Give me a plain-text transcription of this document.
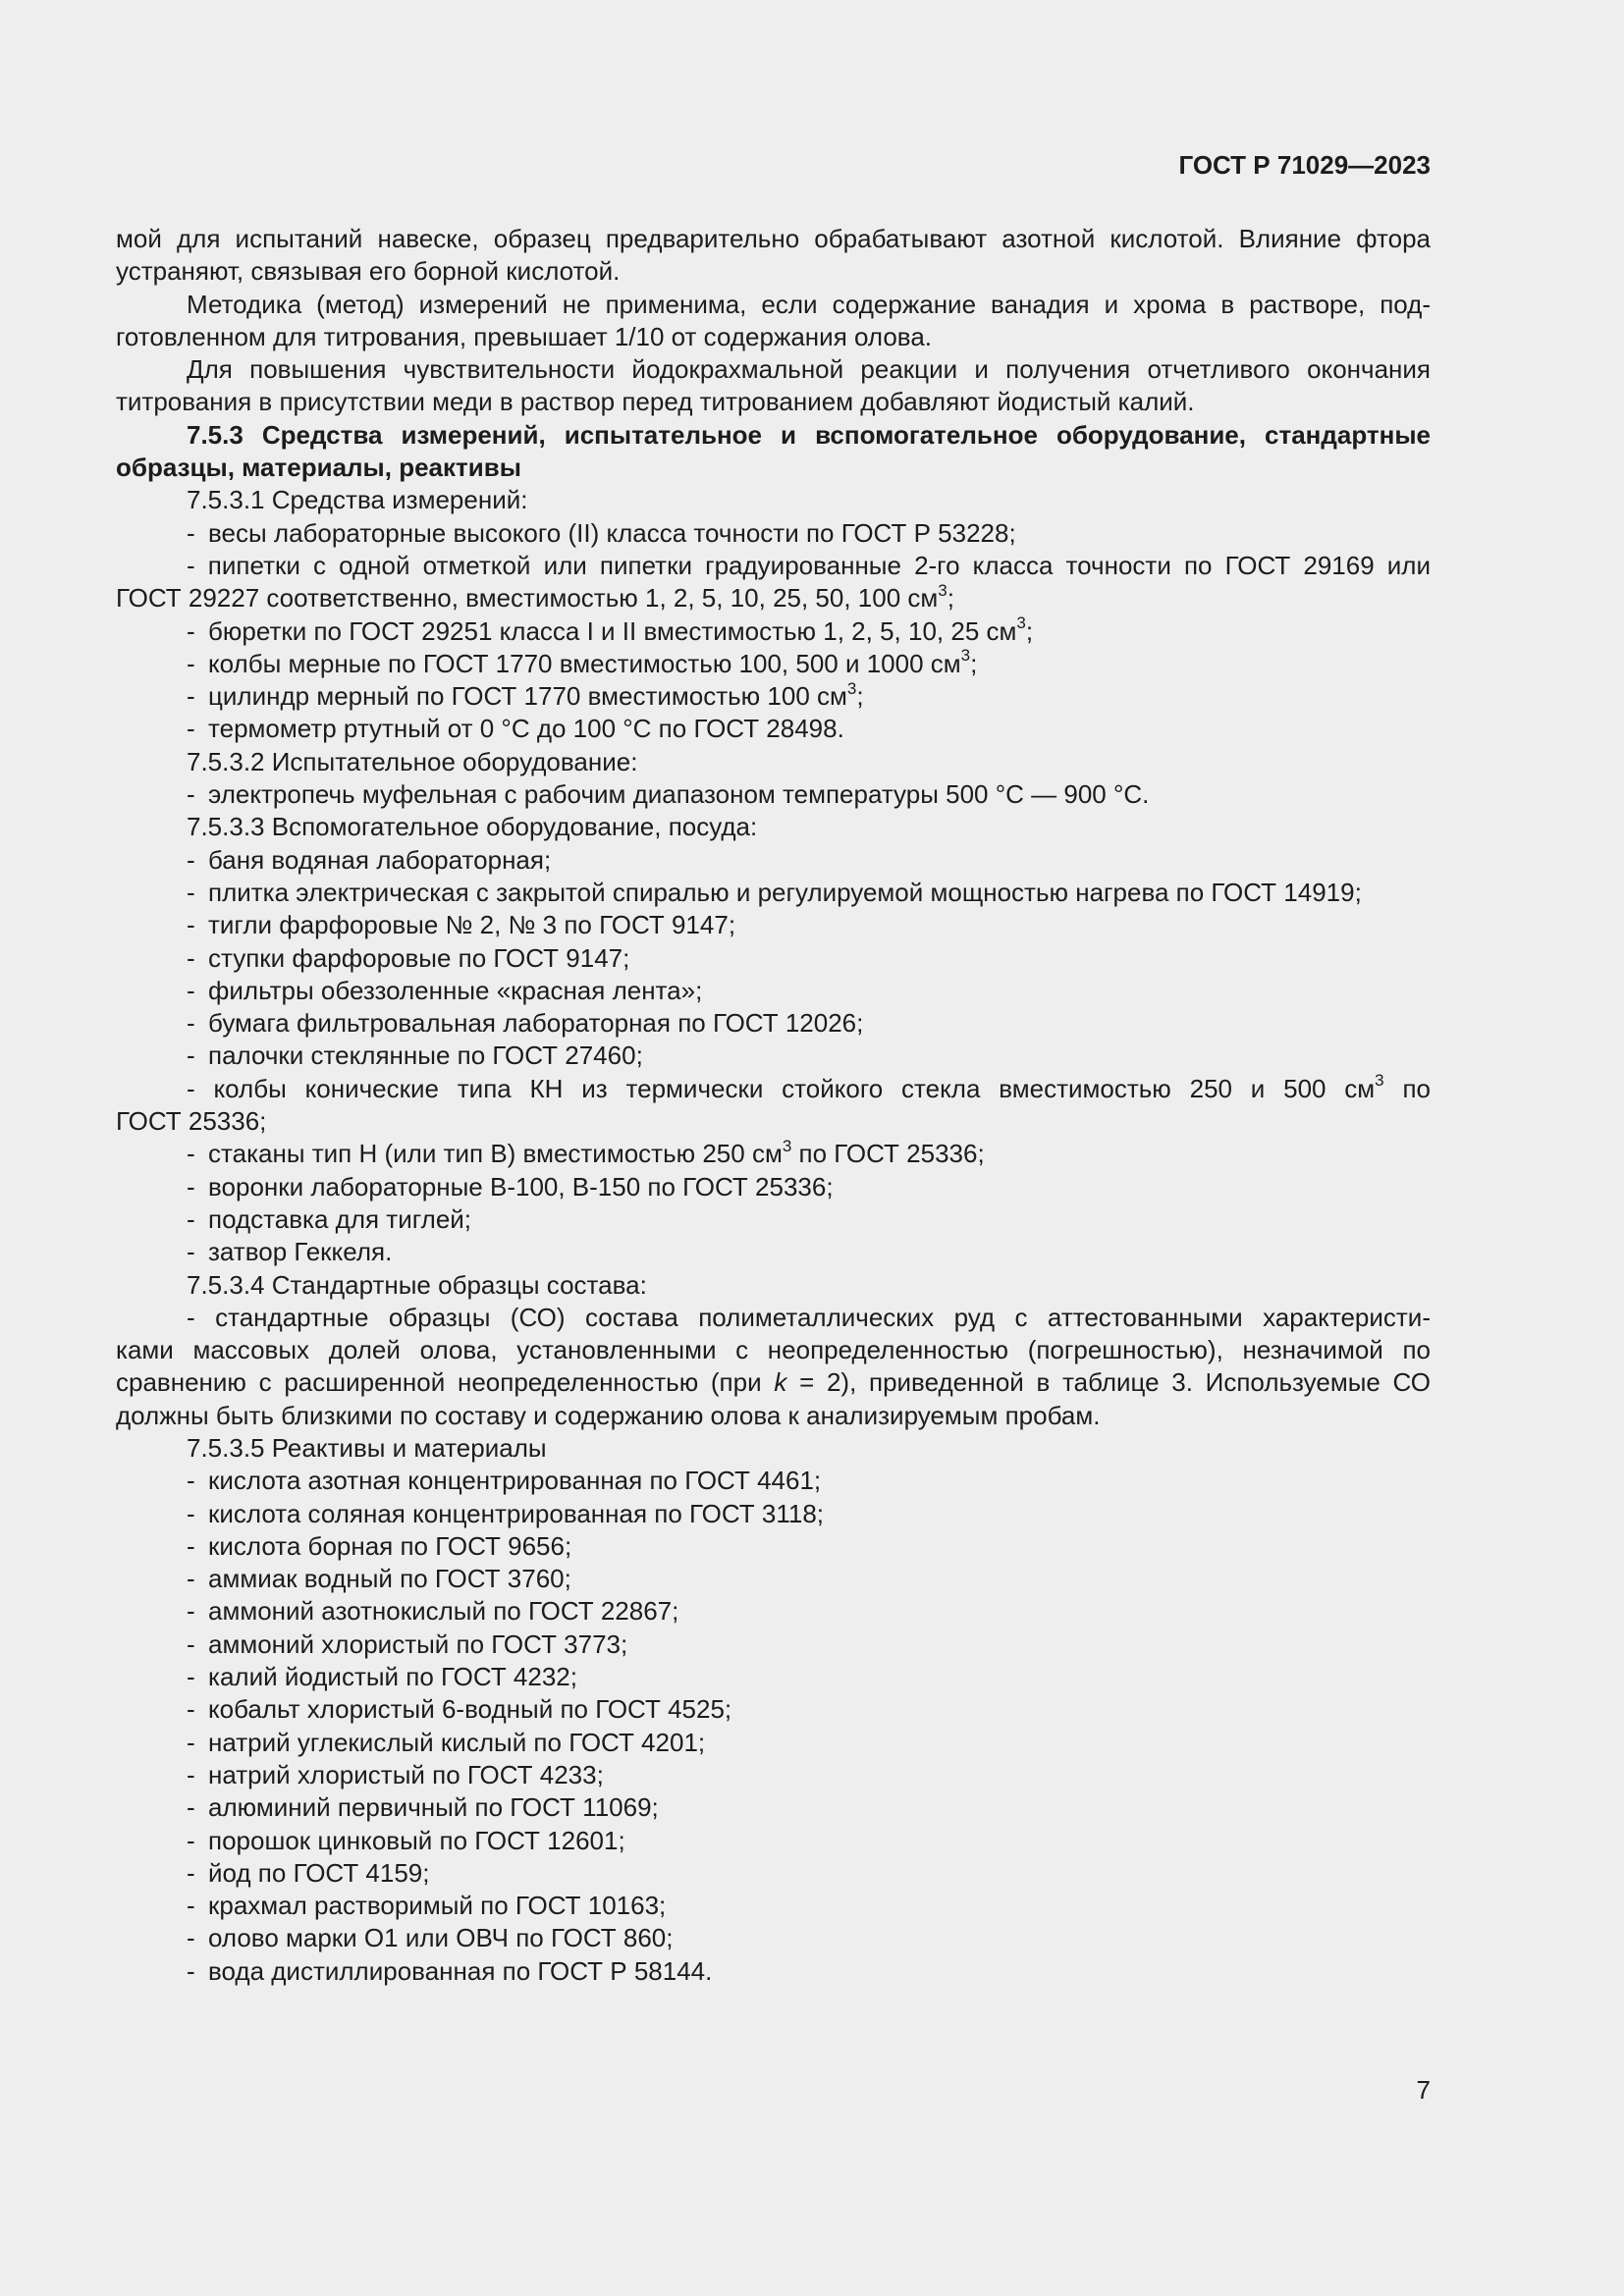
ГОСТ Р 71029—2023
мой для испытаний навеске, образец предварительно обрабатывают азотной кислотой. Влияние фтора
устраняют, связывая его борной кислотой.
Методика (метод) измерений не применима, если содержание ванадия и хрома в растворе, под-
готовленном для титрования, превышает 1/10 от содержания олова.
Для повышения чувствительности йодокрахмальной реакции и получения отчетливого окончания
титрования в присутствии меди в раствор перед титрованием добавляют йодистый калий.
7.5.3 Средства измерений, испытательное и вспомогательное оборудование, стандартные
образцы, материалы, реактивы
7.5.3.1 Средства измерений:
- весы лабораторные высокого (II) класса точности по ГОСТ Р 53228;
- пипетки с одной отметкой или пипетки градуированные 2-го класса точности по ГОСТ 29169 или
ГОСТ 29227 соответственно, вместимостью 1, 2, 5, 10, 25, 50, 100 $см^3$;
- бюретки по ГОСТ 29251 класса I и II вместимостью 1, 2, 5, 10, 25 $см^3$;
- колбы мерные по ГОСТ 1770 вместимостью 100, 500 и 1000 $см^3$;
- цилиндр мерный по ГОСТ 1770 вместимостью 100 $см^3$;
- термометр ртутный от 0 °С до 100 °С по ГОСТ 28498.
7.5.3.2 Испытательное оборудование:
- электропечь муфельная с рабочим диапазоном температуры 500 °С — 900 °С.
7.5.3.3 Вспомогательное оборудование, посуда:
- баня водяная лабораторная;
- плитка электрическая с закрытой спиралью и регулируемой мощностью нагрева по ГОСТ 14919;
- тигли фарфоровые № 2, № 3 по ГОСТ 9147;
- ступки фарфоровые по ГОСТ 9147;
- фильтры обеззоленные «красная лента»;
- бумага фильтровальная лабораторная по ГОСТ 12026;
- палочки стеклянные по ГОСТ 27460;
- колбы конические типа КН из термически стойкого стекла вместимостью 250 и 500 $см^3$ по
ГОСТ 25336;
- стаканы тип Н (или тип В) вместимостью 250 $см^3$ по ГОСТ 25336;
- воронки лабораторные В-100, В-150 по ГОСТ 25336;
- подставка для тиглей;
- затвор Геккеля.
7.5.3.4 Стандартные образцы состава:
- стандартные образцы (СО) состава полиметаллических руд с аттестованными характеристи-
ками массовых долей олова, установленными с неопределенностью (погрешностью), незначимой по
сравнению с расширенной неопределенностью (при k = 2), приведенной в таблице 3. Используемые СО
должны быть близкими по составу и содержанию олова к анализируемым пробам.
7.5.3.5 Реактивы и материалы
- кислота азотная концентрированная по ГОСТ 4461;
- кислота соляная концентрированная по ГОСТ 3118;
- кислота борная по ГОСТ 9656;
- аммиак водный по ГОСТ 3760;
- аммоний азотнокислый по ГОСТ 22867;
- аммоний хлористый по ГОСТ 3773;
- калий йодистый по ГОСТ 4232;
- кобальт хлористый 6-водный по ГОСТ 4525;
- натрий углекислый кислый по ГОСТ 4201;
- натрий хлористый по ГОСТ 4233;
- алюминий первичный по ГОСТ 11069;
- порошок цинковый по ГОСТ 12601;
- йод по ГОСТ 4159;
- крахмал растворимый по ГОСТ 10163;
- олово марки О1 или ОВЧ по ГОСТ 860;
- вода дистиллированная по ГОСТ Р 58144.
7
